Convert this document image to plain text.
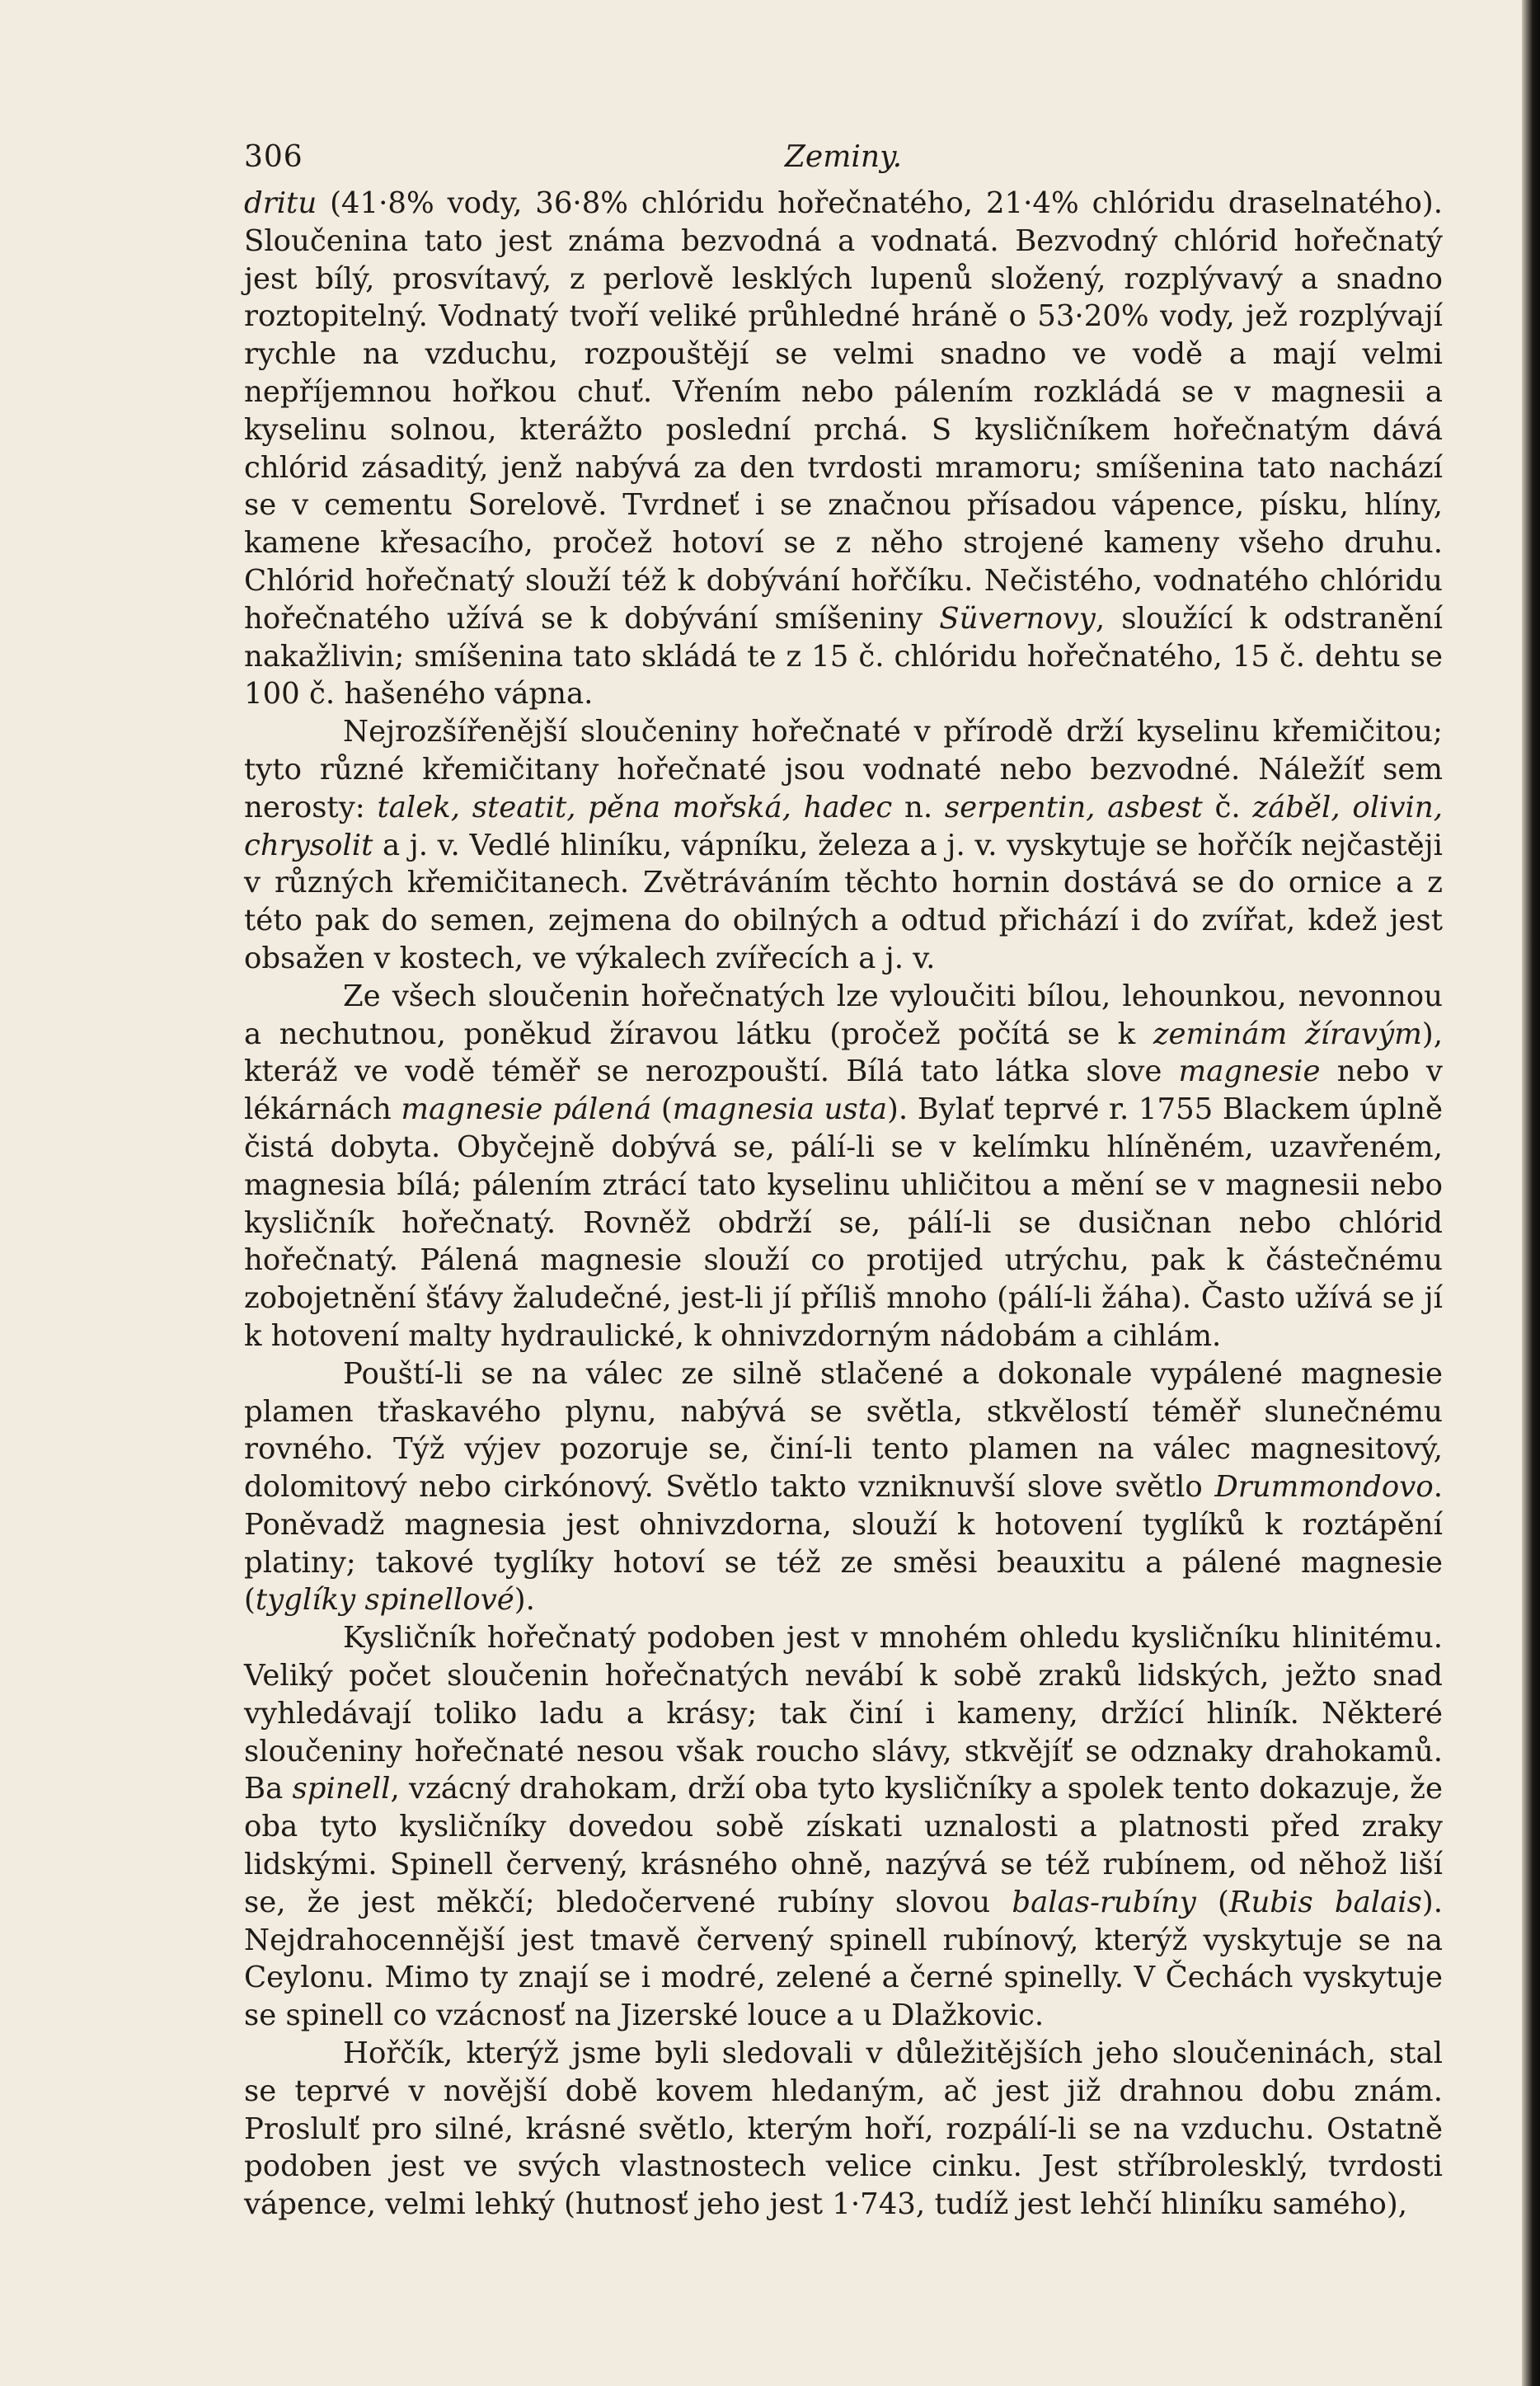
306	Zeminy.

dritu (41·8% vody, 36·8% chlóridu hořečnatého, 21·4% chlóridu draselnatého). Sloučenina tato jest známa bezvodná a vodnatá. Bezvodný chlórid hořečnatý jest bílý, prosvítavý, z perlově lesklých lupenů složený, rozplývavý a snadno roztopitelný. Vodnatý tvoří veliké průhledné hráně o 53·20% vody, jež rozplývají rychle na vzduchu, rozpouštějí se velmi snadno ve vodě a mají velmi nepříjemnou hořkou chuť. Vřením nebo pálením rozkládá se v magnesii a kyselinu solnou, kterážto poslední prchá. S kysličníkem hořečnatým dává chlórid zásaditý, jenž nabývá za den tvrdosti mramoru; smíšenina tato nachází se v cementu Sorelově. Tvrdneť i se značnou přísadou vápence, písku, hlíny, kamene křesacího, pročež hotoví se z něho strojené kameny všeho druhu. Chlórid hořečnatý slouží též k dobývání hořčíku. Nečistého, vodnatého chlóridu hořečnatého užívá se k dobývání smíšeniny Süvernovy, sloužící k odstranění nakažlivin; smíšenina tato skládá te z 15 č. chlóridu hořečnatého, 15 č. dehtu se 100 č. hašeného vápna.

Nejrozšířenější sloučeniny hořečnaté v přírodě drží kyselinu křemičitou; tyto různé křemičitany hořečnaté jsou vodnaté nebo bezvodné. Náležíť sem nerosty: talek, steatit, pěna mořská, hadec n. serpentin, asbest č. záběl, olivin, chrysolit a j. v. Vedlé hliníku, vápníku, železa a j. v. vyskytuje se hořčík nejčastěji v různých křemičitanech. Zvětráváním těchto hornin dostává se do ornice a z této pak do semen, zejmena do obilných a odtud přichází i do zvířat, kdež jest obsažen v kostech, ve výkalech zvířecích a j. v.

Ze všech sloučenin hořečnatých lze vyloučiti bílou, lehounkou, nevonnou a nechutnou, poněkud žíravou látku (pročež počítá se k zeminám žíravým), kteráž ve vodě téměř se nerozpouští. Bílá tato látka slove magnesie nebo v lékárnách magnesie pálená (magnesia usta). Bylať teprvé r. 1755 Blackem úplně čistá dobyta. Obyčejně dobývá se, pálí-li se v kelímku hlíněném, uzavřeném, magnesia bílá; pálením ztrácí tato kyselinu uhličitou a mění se v magnesii nebo kysličník hořečnatý. Rovněž obdrží se, pálí-li se dusičnan nebo chlórid hořečnatý. Pálená magnesie slouží co protijed utrýchu, pak k částečnému zobojetnění šťávy žaludečné, jest-li jí příliš mnoho (pálí-li žáha). Často užívá se jí k hotovení malty hydraulické, k ohnivzdorným nádobám a cihlám.

Pouští-li se na válec ze silně stlačené a dokonale vypálené magnesie plamen třaskavého plynu, nabývá se světla, stkvělostí téměř slunečnému rovného. Týž výjev pozoruje se, činí-li tento plamen na válec magnesitový, dolomitový nebo cirkónový. Světlo takto vzniknuvší slove světlo Drummondovo. Poněvadž magnesia jest ohnivzdorna, slouží k hotovení tyglíků k roztápění platiny; takové tyglíky hotoví se též ze směsi beauxitu a pálené magnesie (tyglíky spinellové).

Kysličník hořečnatý podoben jest v mnohém ohledu kysličníku hlinitému. Veliký počet sloučenin hořečnatých nevábí k sobě zraků lidských, ježto snad vyhledávají toliko ladu a krásy; tak činí i kameny, držící hliník. Některé sloučeniny hořečnaté nesou však roucho slávy, stkvějíť se odznaky drahokamů. Ba spinell, vzácný drahokam, drží oba tyto kysličníky a spolek tento dokazuje, že oba tyto kysličníky dovedou sobě získati uznalosti a platnosti před zraky lidskými. Spinell červený, krásného ohně, nazývá se též rubínem, od něhož liší se, že jest měkčí; bledočervené rubíny slovou balas-rubíny (Rubis balais). Nejdrahocennější jest tmavě červený spinell rubínový, kterýž vyskytuje se na Ceylonu. Mimo ty znají se i modré, zelené a černé spinelly. V Čechách vyskytuje se spinell co vzácnosť na Jizerské louce a u Dlažkovic.

Hořčík, kterýž jsme byli sledovali v důležitějších jeho sloučeninách, stal se teprvé v novější době kovem hledaným, ač jest již drahnou dobu znám. Proslulť pro silné, krásné světlo, kterým hoří, rozpálí-li se na vzduchu. Ostatně podoben jest ve svých vlastnostech velice cinku. Jest stříbrolesklý, tvrdosti vápence, velmi lehký (hutnosť jeho jest 1·743, tudíž jest lehčí hliníku samého),
